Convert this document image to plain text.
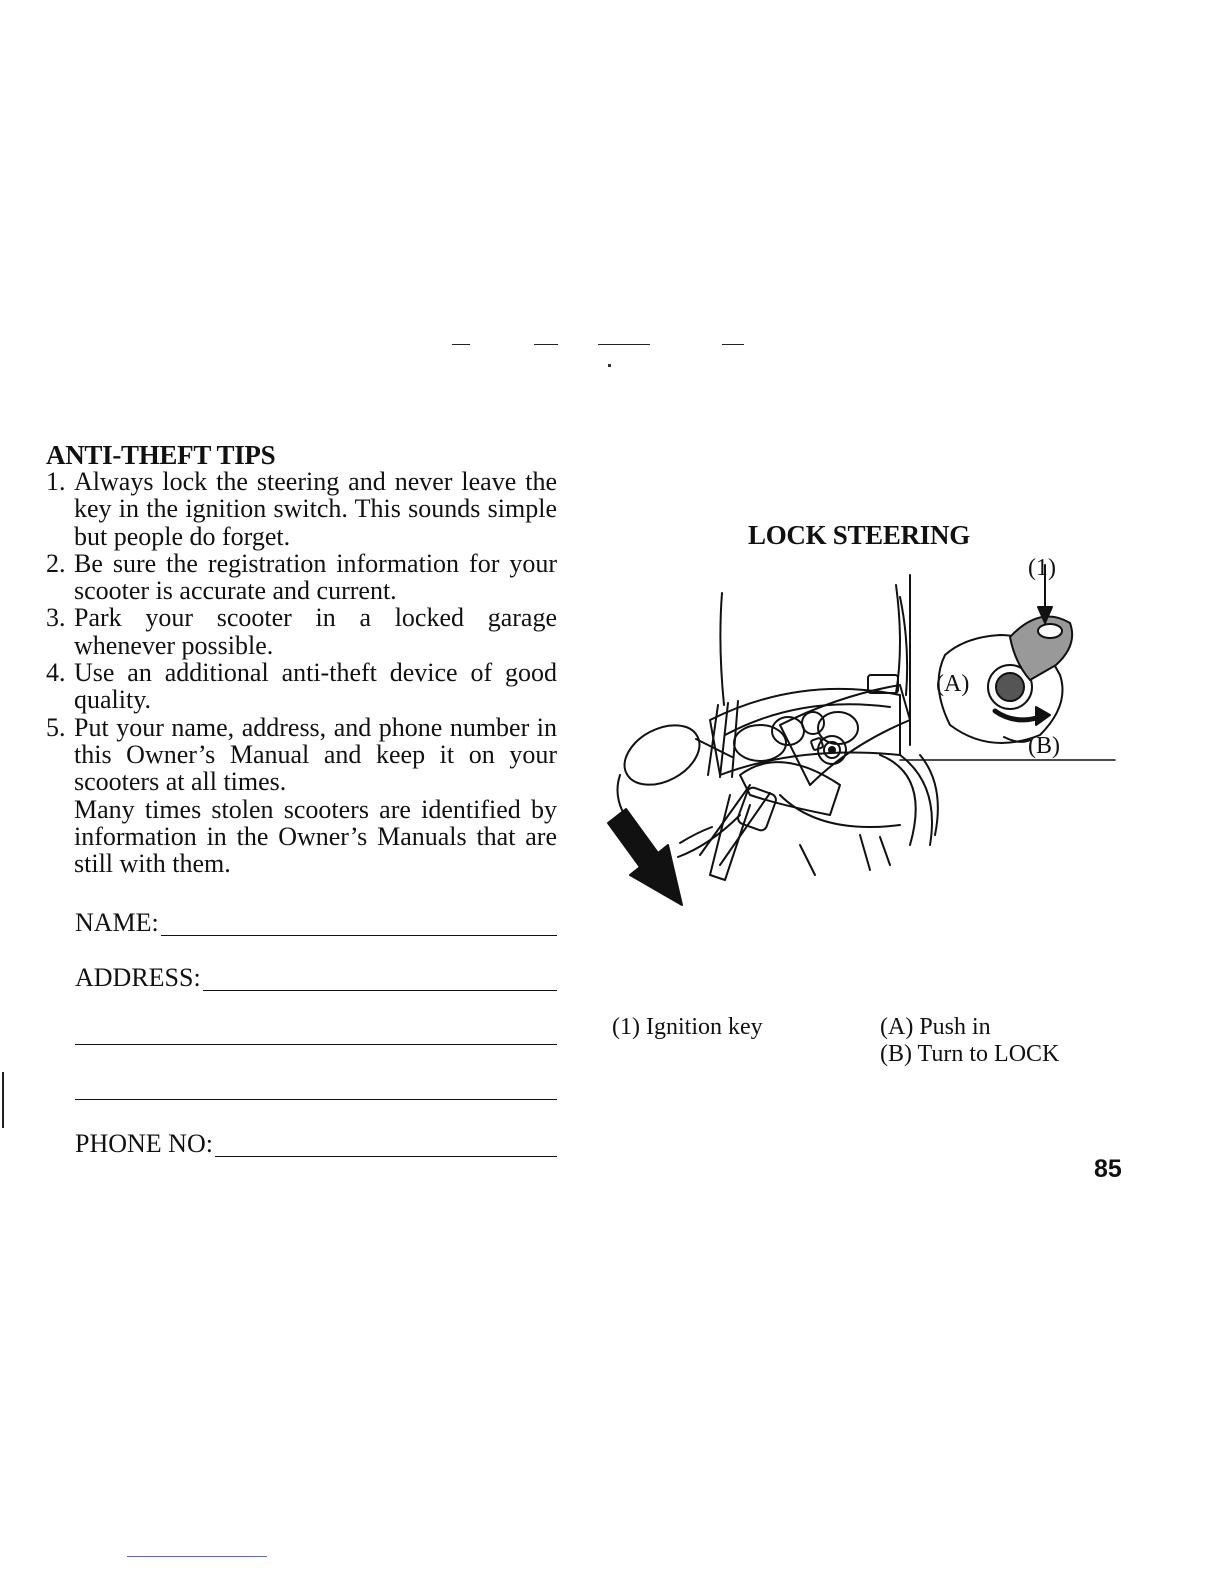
ANTI-THEFT TIPS
1. Always lock the steering and never leave the key in the ignition switch. This sounds simple but people do forget.
2. Be sure the registration information for your scooter is accurate and current.
3. Park your scooter in a locked garage whenever possible.
4. Use an additional anti-theft device of good quality.
5. Put your name, address, and phone number in this Owner’s Manual and keep it on your scooters at all times.
Many times stolen scooters are identified by information in the Owner’s Manuals that are still with them.
NAME:
ADDRESS:
PHONE NO:
LOCK STEERING
(1)
(A)
(B)
(1) Ignition key	(A) Push in
(B) Turn to LOCK
85
